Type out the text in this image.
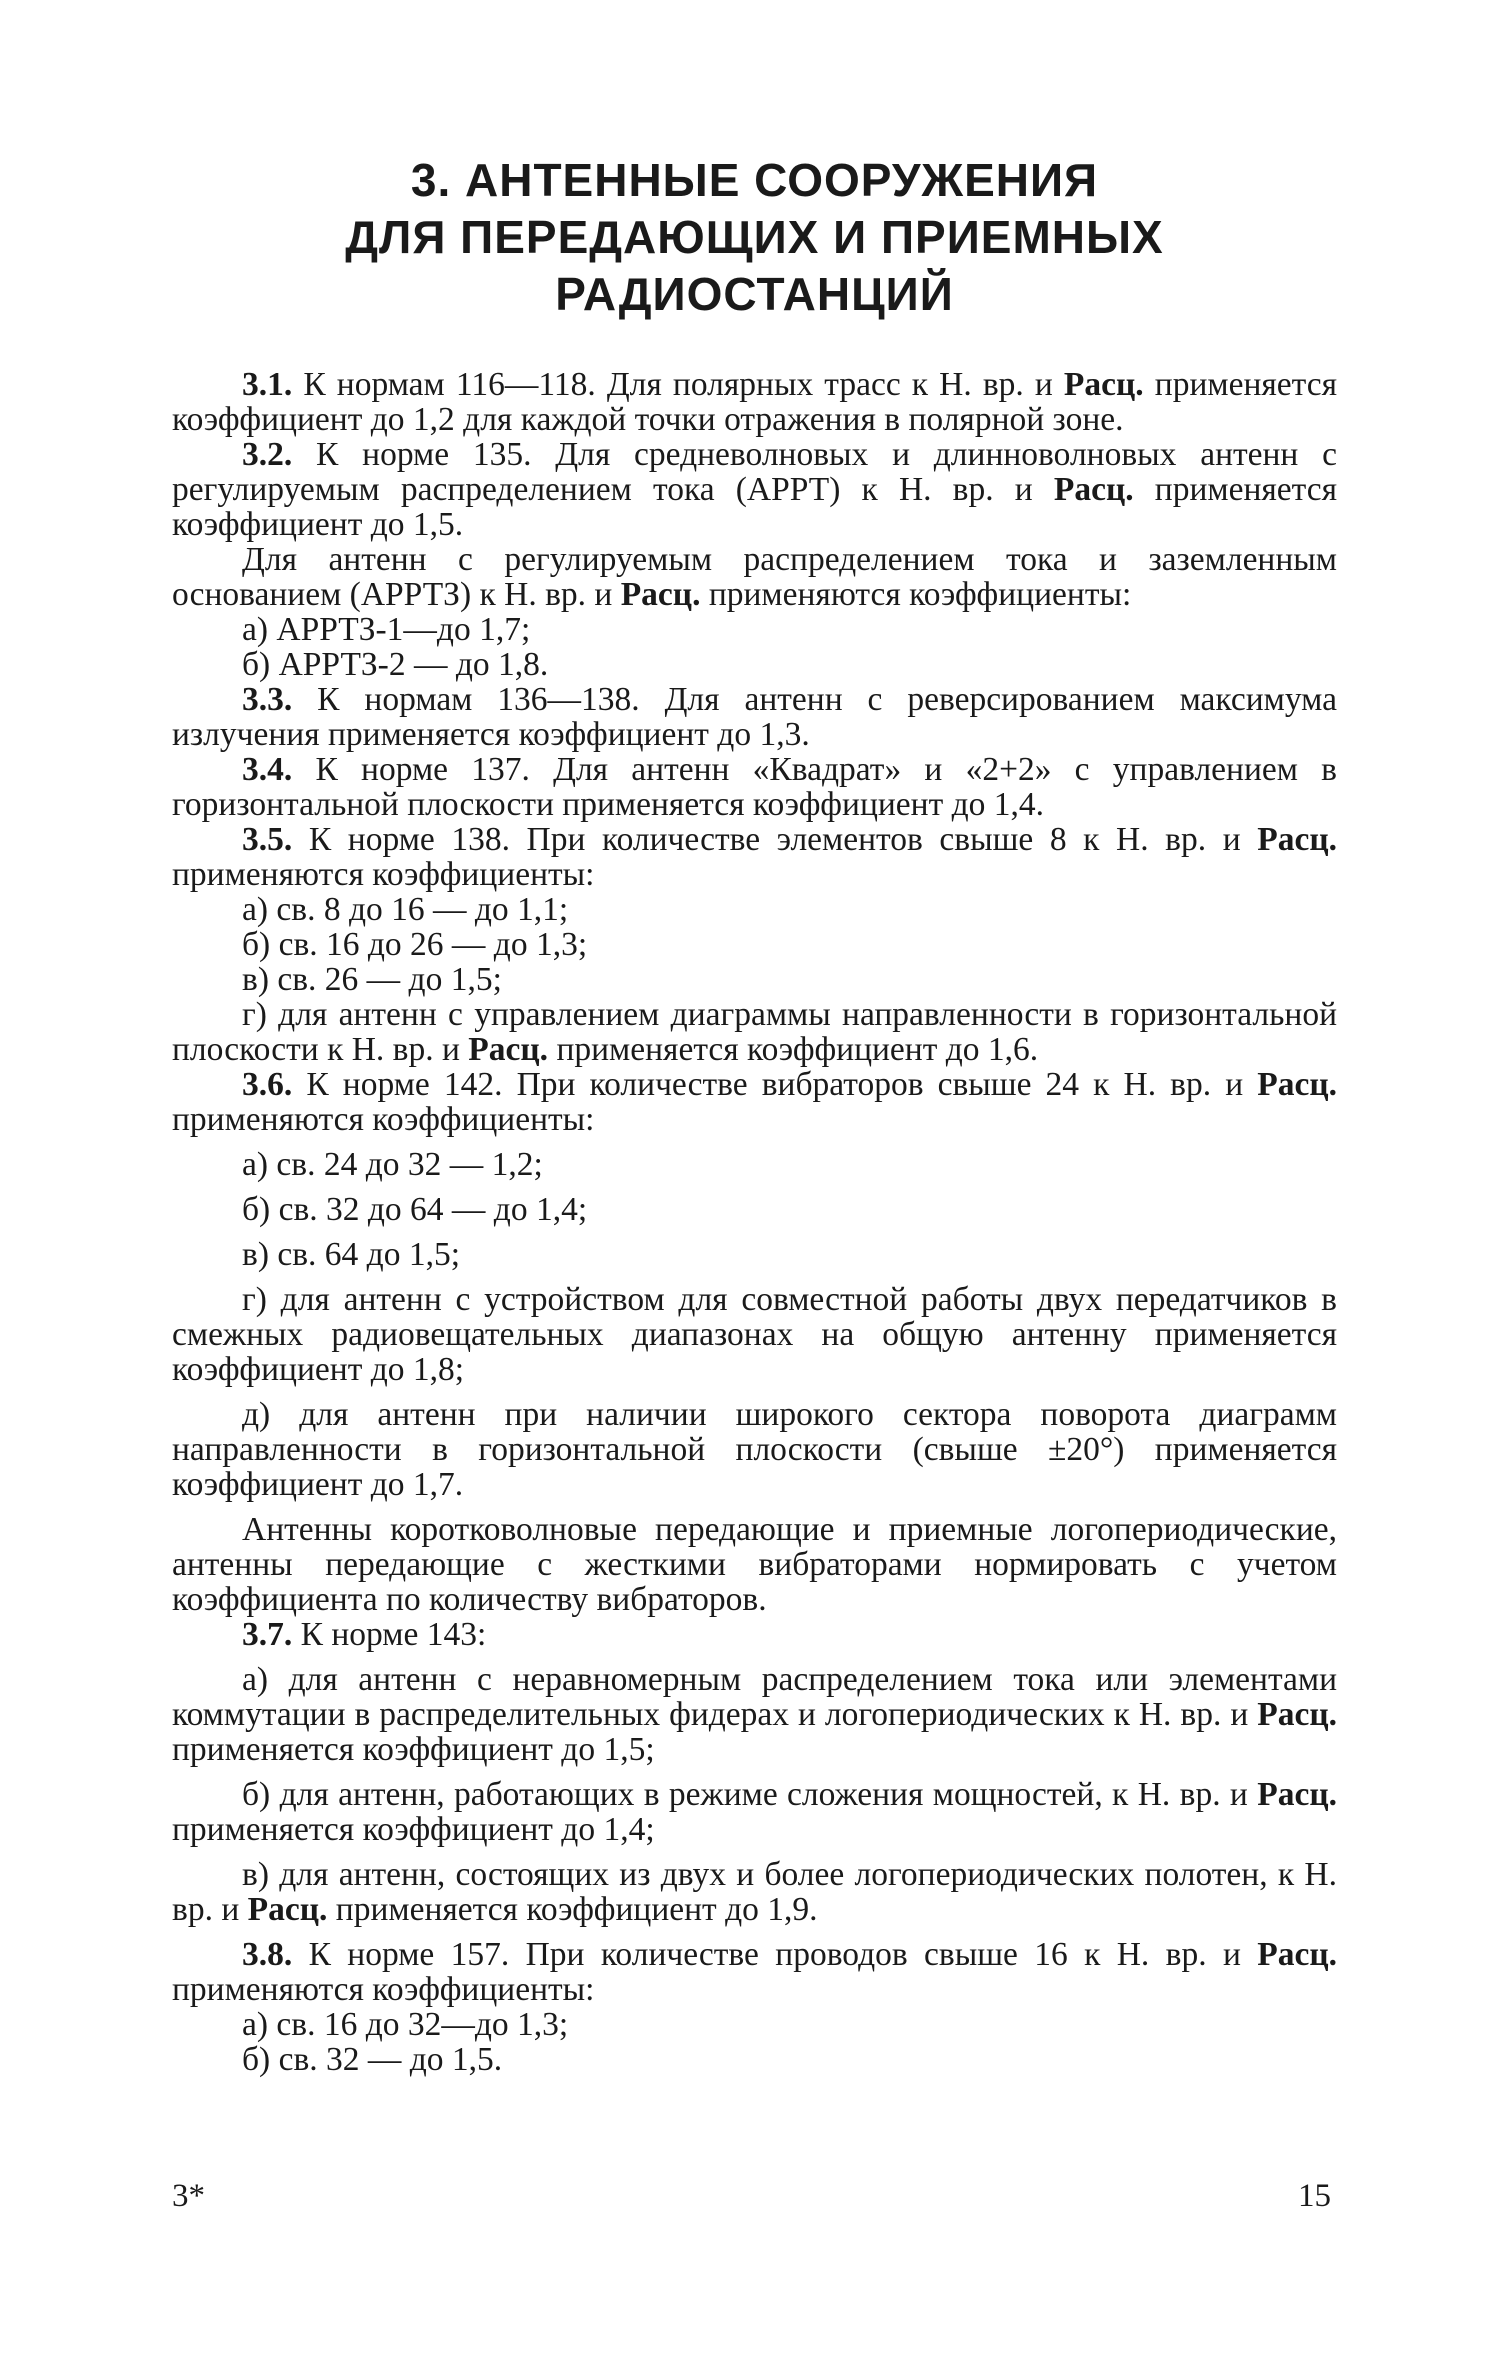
3. АНТЕННЫЕ СООРУЖЕНИЯ
ДЛЯ ПЕРЕДАЮЩИХ И ПРИЕМНЫХ
РАДИОСТАНЦИЙ

3.1. К нормам 116—118. Для полярных трасс к Н. вр. и Расц. применяется коэффициент до 1,2 для каждой точки отражения в полярной зоне.

3.2. К норме 135. Для средневолновых и длинноволновых антенн с регулируемым распределением тока (АРРТ) к Н. вр. и Расц. применяется коэффициент до 1,5.

Для антенн с регулируемым распределением тока и заземленным основанием (АРРТЗ) к Н. вр. и Расц. применяются коэффициенты:

а) АРРТЗ-1—до 1,7;

б) АРРТЗ-2 — до 1,8.

3.3. К нормам 136—138. Для антенн с реверсированием максимума излучения применяется коэффициент до 1,3.

3.4. К норме 137. Для антенн «Квадрат» и «2+2» с управлением в горизонтальной плоскости применяется коэффициент до 1,4.

3.5. К норме 138. При количестве элементов свыше 8 к Н. вр. и Расц. применяются коэффициенты:

а) св. 8 до 16 — до 1,1;

б) св. 16 до 26 — до 1,3;

в) св. 26 — до 1,5;

г) для антенн с управлением диаграммы направленности в горизонтальной плоскости к Н. вр. и Расц. применяется коэффициент до 1,6.

3.6. К норме 142. При количестве вибраторов свыше 24 к Н. вр. и Расц. применяются коэффициенты:

а) св. 24 до 32 — 1,2;

б) св. 32 до 64 — до 1,4;

в) св. 64 до 1,5;

г) для антенн с устройством для совместной работы двух передатчиков в смежных радиовещательных диапазонах на общую антенну применяется коэффициент до 1,8;

д) для антенн при наличии широкого сектора поворота диаграмм направленности в горизонтальной плоскости (свыше ±20°) применяется коэффициент до 1,7.

Антенны коротковолновые передающие и приемные логопериодические, антенны передающие с жесткими вибраторами нормировать с учетом коэффициента по количеству вибраторов.

3.7. К норме 143:

а) для антенн с неравномерным распределением тока или элементами коммутации в распределительных фидерах и логопериодических к Н. вр. и Расц. применяется коэффициент до 1,5;

б) для антенн, работающих в режиме сложения мощностей, к Н. вр. и Расц. применяется коэффициент до 1,4;

в) для антенн, состоящих из двух и более логопериодических полотен, к Н. вр. и Расц. применяется коэффициент до 1,9.

3.8. К норме 157. При количестве проводов свыше 16 к Н. вр. и Расц. применяются коэффициенты:

а) св. 16 до 32—до 1,3;

б) св. 32 — до 1,5.

3*	15
